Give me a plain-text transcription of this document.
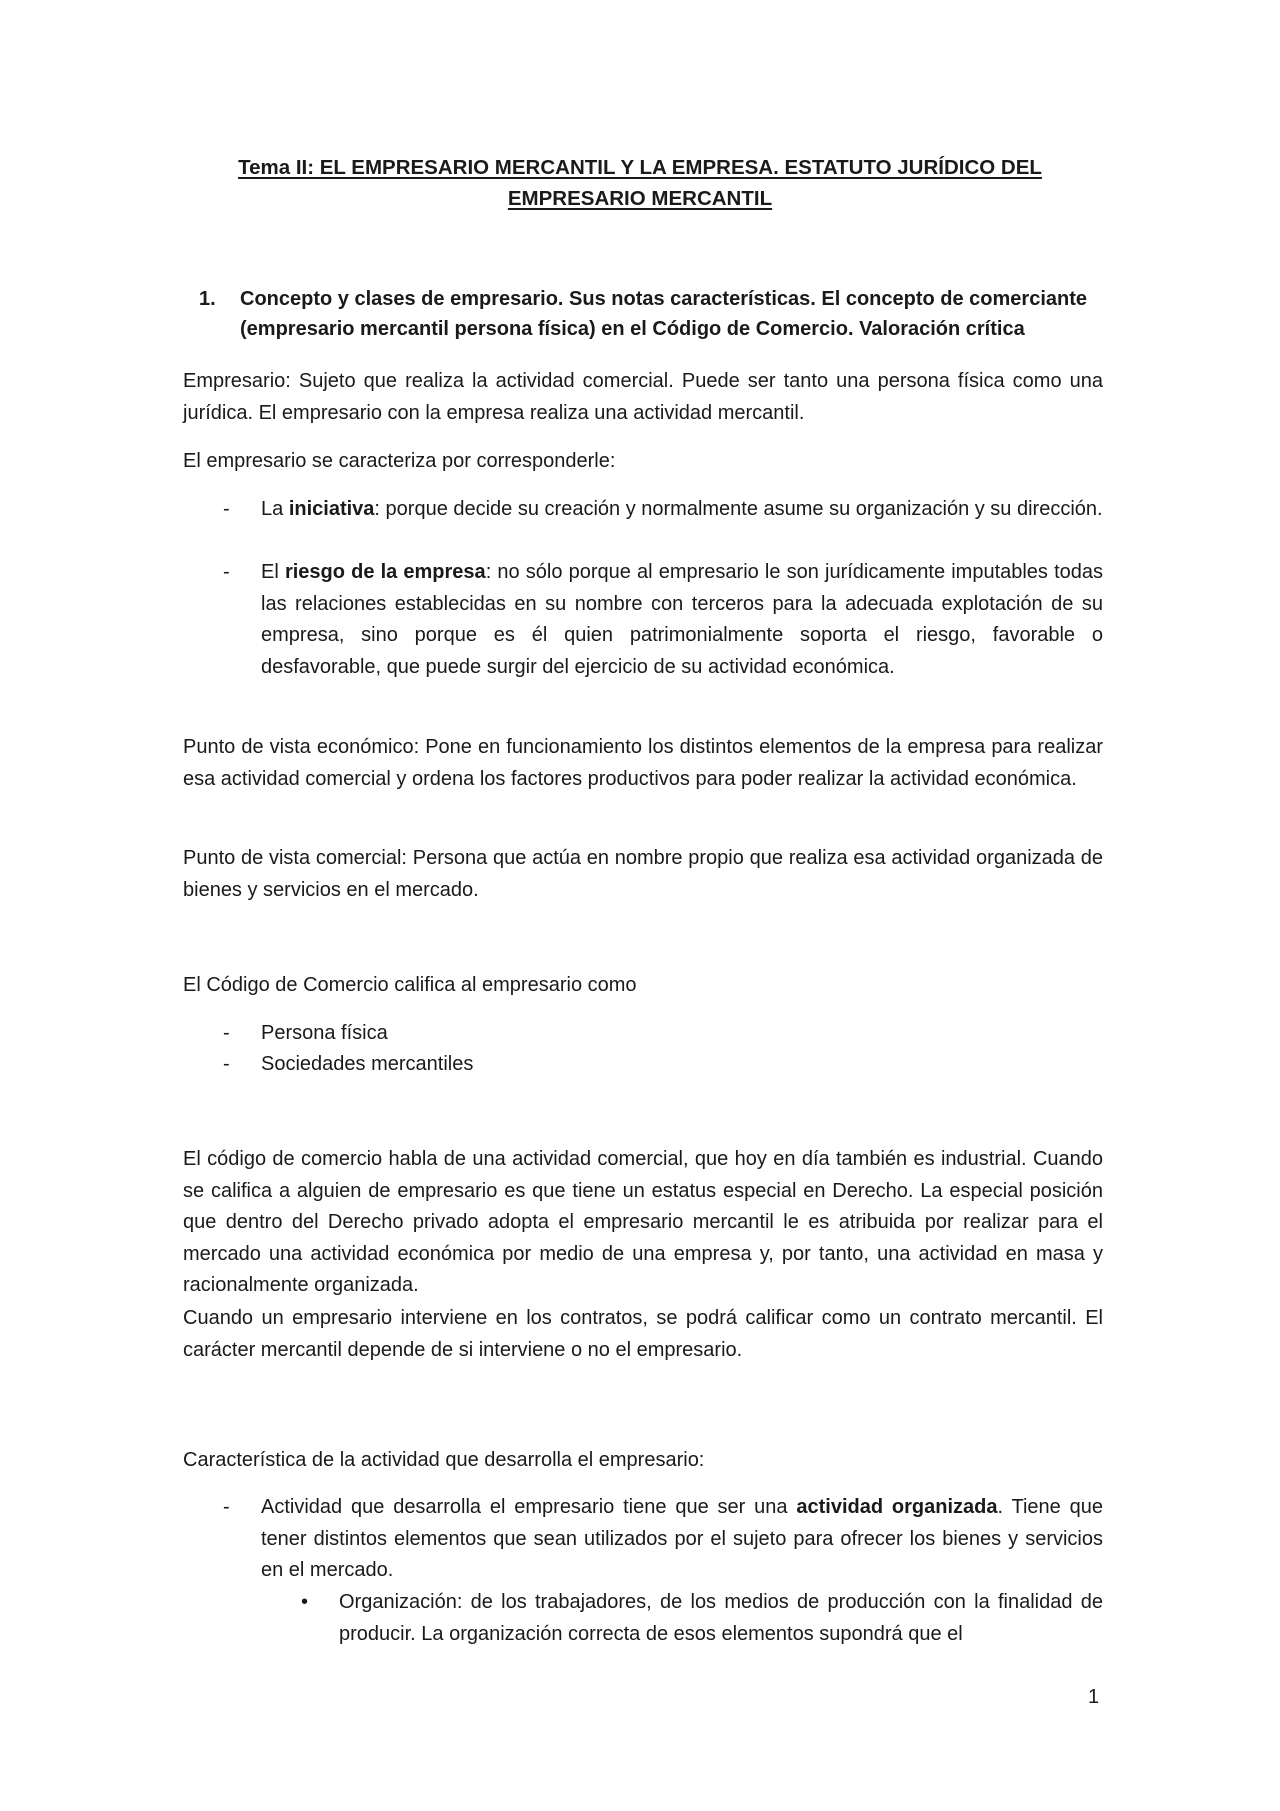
Tema II: EL EMPRESARIO MERCANTIL Y LA EMPRESA. ESTATUTO JURÍDICO DEL
EMPRESARIO MERCANTIL
1.	Concepto y clases de empresario. Sus notas características. El concepto de comerciante (empresario mercantil persona física) en el Código de Comercio. Valoración crítica
Empresario: Sujeto que realiza la actividad comercial. Puede ser tanto una persona física como una jurídica. El empresario con la empresa realiza una actividad mercantil.
El empresario se caracteriza por corresponderle:
- La iniciativa: porque decide su creación y normalmente asume su organización y su dirección.
- El riesgo de la empresa: no sólo porque al empresario le son jurídicamente imputables todas las relaciones establecidas en su nombre con terceros para la adecuada explotación de su empresa, sino porque es él quien patrimonialmente soporta el riesgo, favorable o desfavorable, que puede surgir del ejercicio de su actividad económica.
Punto de vista económico: Pone en funcionamiento los distintos elementos de la empresa para realizar esa actividad comercial y ordena los factores productivos para poder realizar la actividad económica.
Punto de vista comercial: Persona que actúa en nombre propio que realiza esa actividad organizada de bienes y servicios en el mercado.
El Código de Comercio califica al empresario como
- Persona física
- Sociedades mercantiles
El código de comercio habla de una actividad comercial, que hoy en día también es industrial. Cuando se califica a alguien de empresario es que tiene un estatus especial en Derecho. La especial posición que dentro del Derecho privado adopta el empresario mercantil le es atribuida por realizar para el mercado una actividad económica por medio de una empresa y, por tanto, una actividad en masa y racionalmente organizada.
Cuando un empresario interviene en los contratos, se podrá calificar como un contrato mercantil. El carácter mercantil depende de si interviene o no el empresario.
Característica de la actividad que desarrolla el empresario:
- Actividad que desarrolla el empresario tiene que ser una actividad organizada. Tiene que tener distintos elementos que sean utilizados por el sujeto para ofrecer los bienes y servicios en el mercado.
• Organización: de los trabajadores, de los medios de producción con la finalidad de producir. La organización correcta de esos elementos supondrá que el
1
